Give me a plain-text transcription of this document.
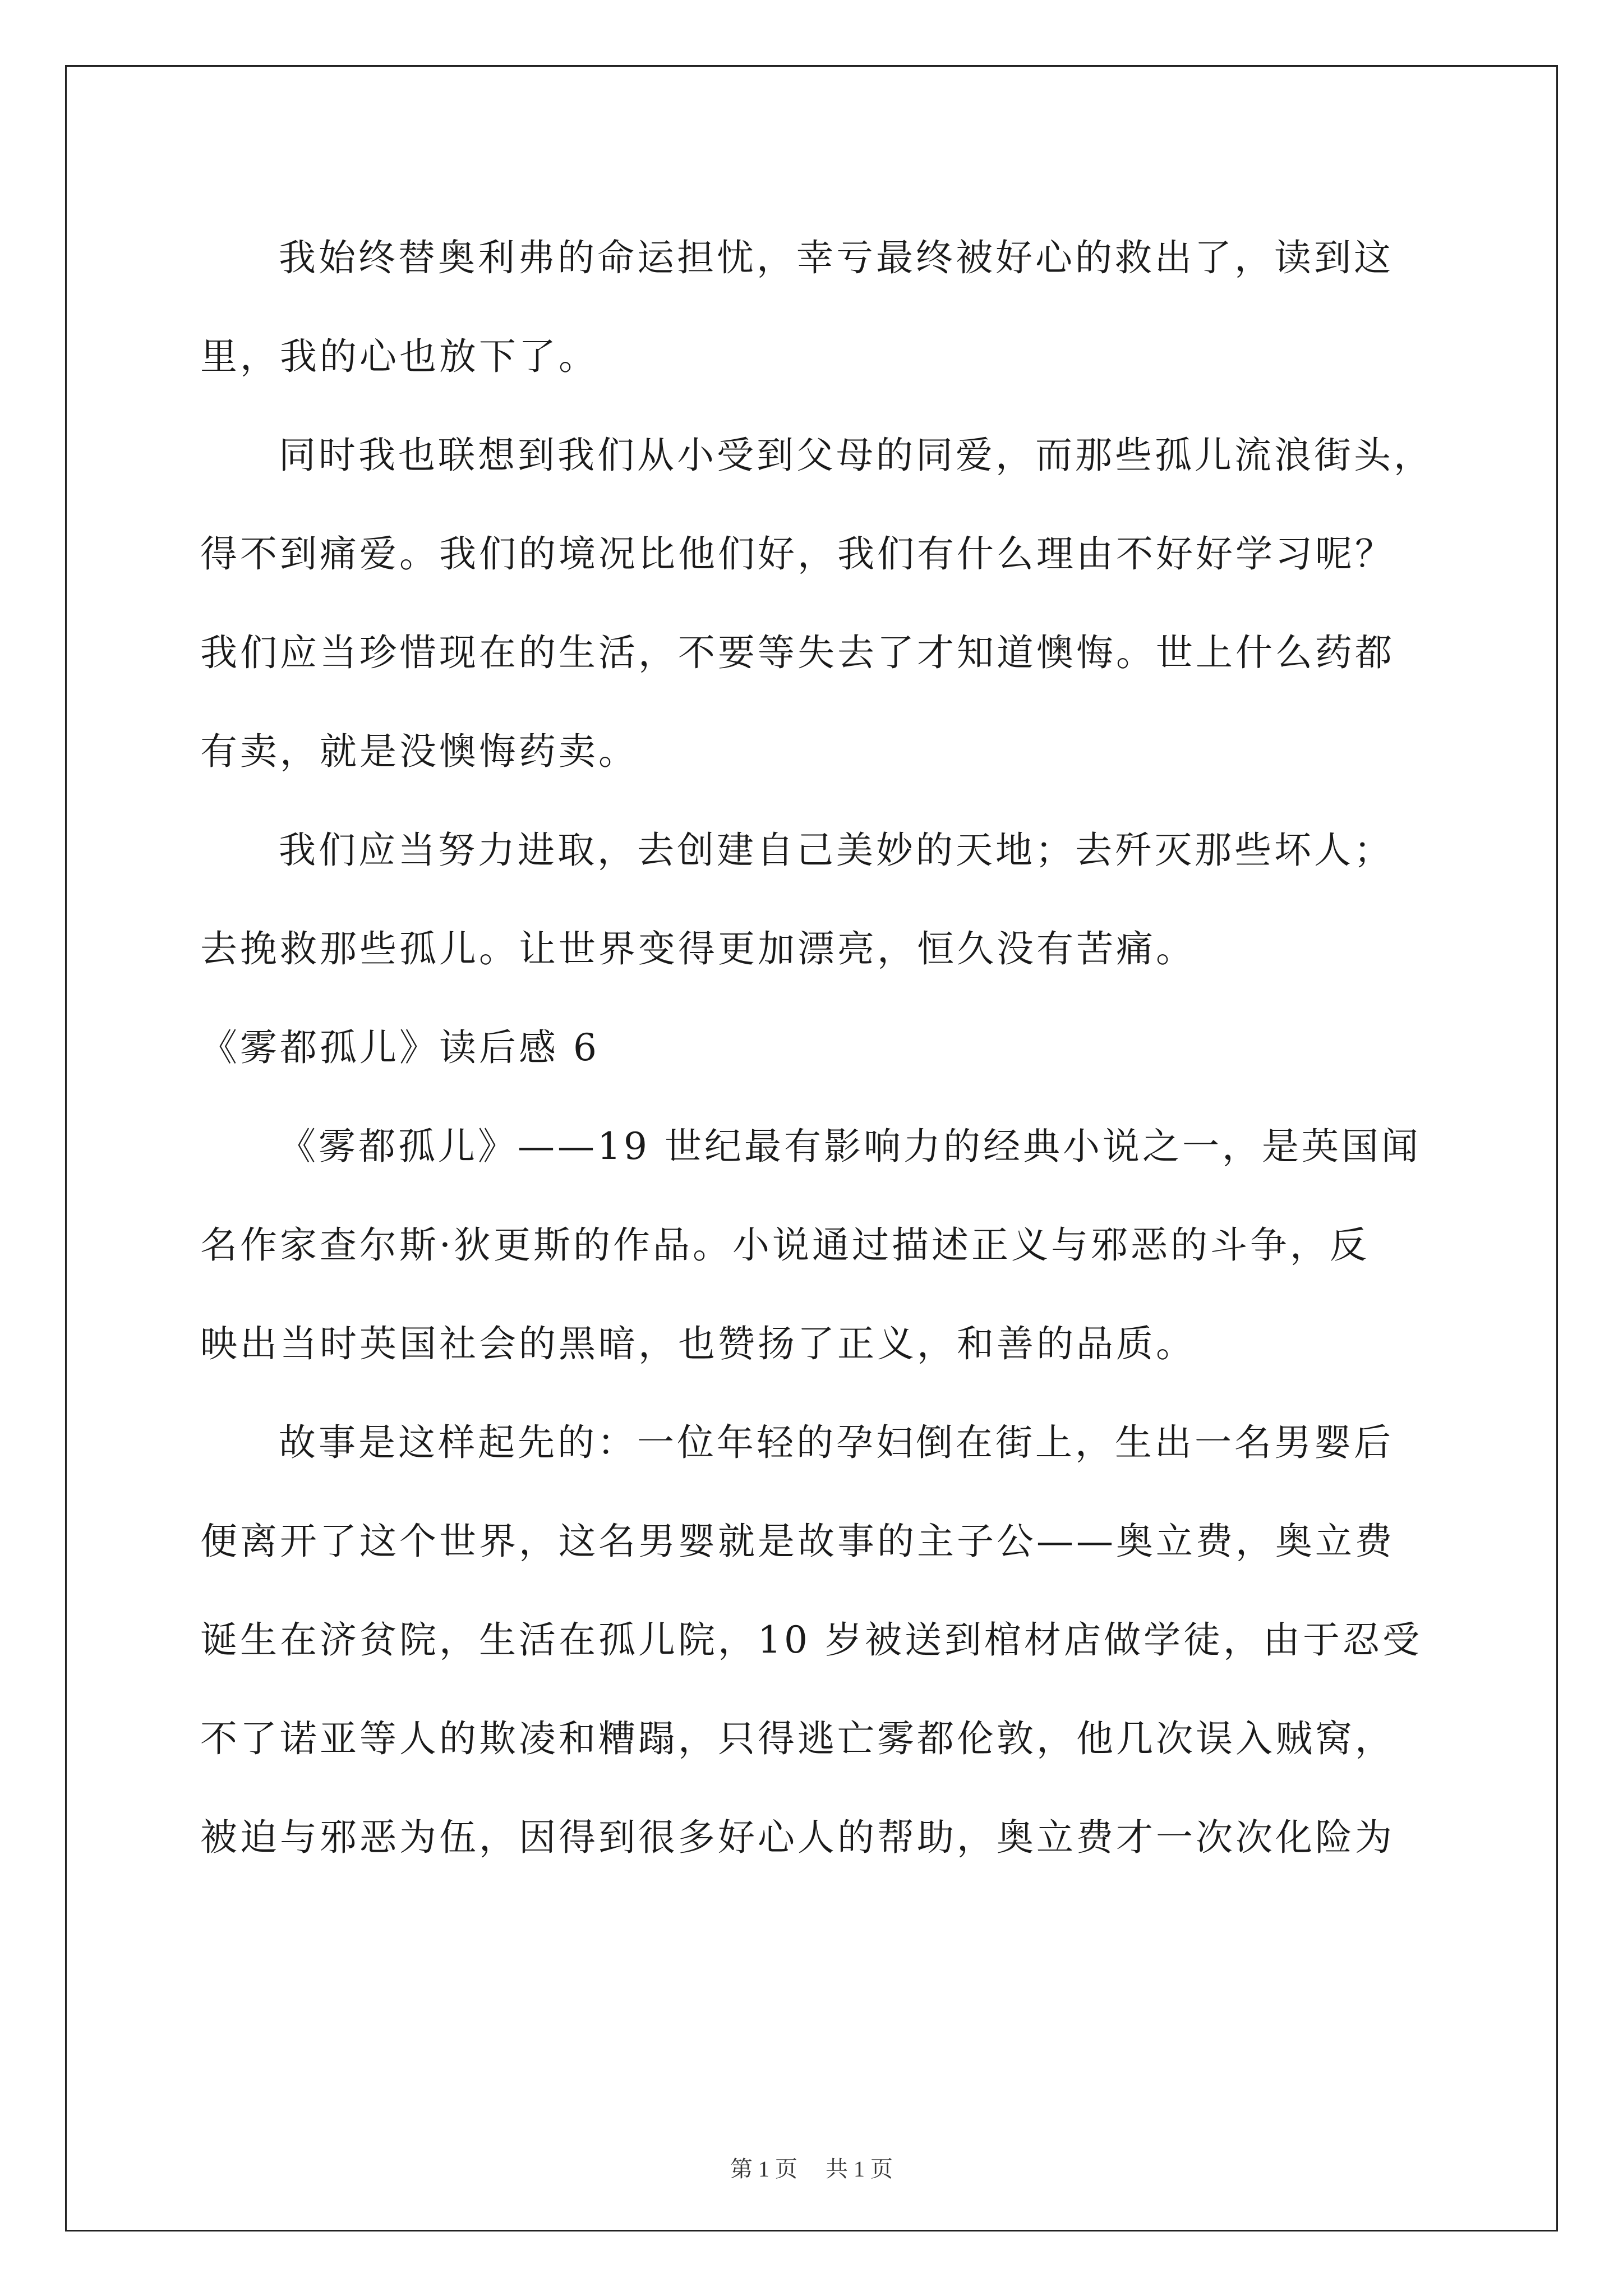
我始终替奥利弗的命运担忧，幸亏最终被好心的救出了，读到这
里，我的心也放下了。
同时我也联想到我们从小受到父母的同爱，而那些孤儿流浪街头，
得不到痛爱。我们的境况比他们好，我们有什么理由不好好学习呢？
我们应当珍惜现在的生活，不要等失去了才知道懊悔。世上什么药都
有卖，就是没懊悔药卖。
我们应当努力进取，去创建自己美妙的天地；去歼灭那些坏人；
去挽救那些孤儿。让世界变得更加漂亮，恒久没有苦痛。
《雾都孤儿》读后感 6
《雾都孤儿》——19 世纪最有影响力的经典小说之一，是英国闻
名作家查尔斯·狄更斯的作品。小说通过描述正义与邪恶的斗争，反
映出当时英国社会的黑暗，也赞扬了正义，和善的品质。
故事是这样起先的：一位年轻的孕妇倒在街上，生出一名男婴后
便离开了这个世界，这名男婴就是故事的主子公——奥立费，奥立费
诞生在济贫院，生活在孤儿院，10 岁被送到棺材店做学徒，由于忍受
不了诺亚等人的欺凌和糟蹋，只得逃亡雾都伦敦，他几次误入贼窝，
被迫与邪恶为伍，因得到很多好心人的帮助，奥立费才一次次化险为
第 1 页 共 1 页
